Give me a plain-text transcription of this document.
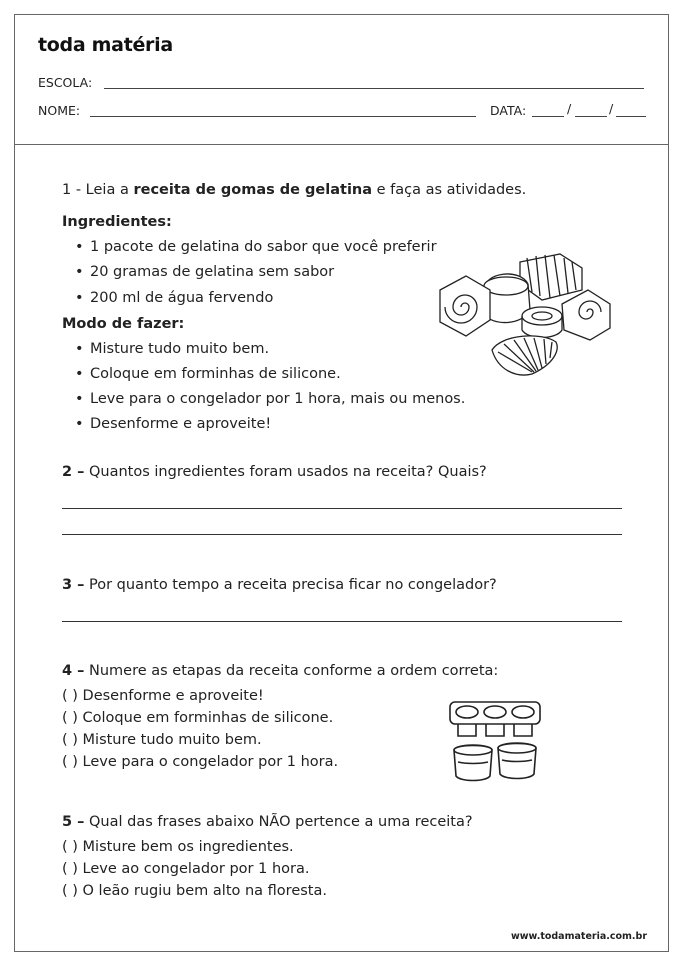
toda matéria
ESCOLA:
NOME:	DATA:	/	/
1 - Leia a receita de gomas de gelatina e faça as atividades.
Ingredientes:
• 1 pacote de gelatina do sabor que você preferir
• 20 gramas de gelatina sem sabor
• 200 ml de água fervendo
Modo de fazer:
• Misture tudo muito bem.
• Coloque em forminhas de silicone.
• Leve para o congelador por 1 hora, mais ou menos.
• Desenforme e aproveite!
2 – Quantos ingredientes foram usados na receita? Quais?
3 – Por quanto tempo a receita precisa ficar no congelador?
4 – Numere as etapas da receita conforme a ordem correta:
( ) Desenforme e aproveite!
( ) Coloque em forminhas de silicone.
( ) Misture tudo muito bem.
( ) Leve para o congelador por 1 hora.
5 – Qual das frases abaixo NÃO pertence a uma receita?
( ) Misture bem os ingredientes.
( ) Leve ao congelador por 1 hora.
( ) O leão rugiu bem alto na floresta.
www.todamateria.com.br
